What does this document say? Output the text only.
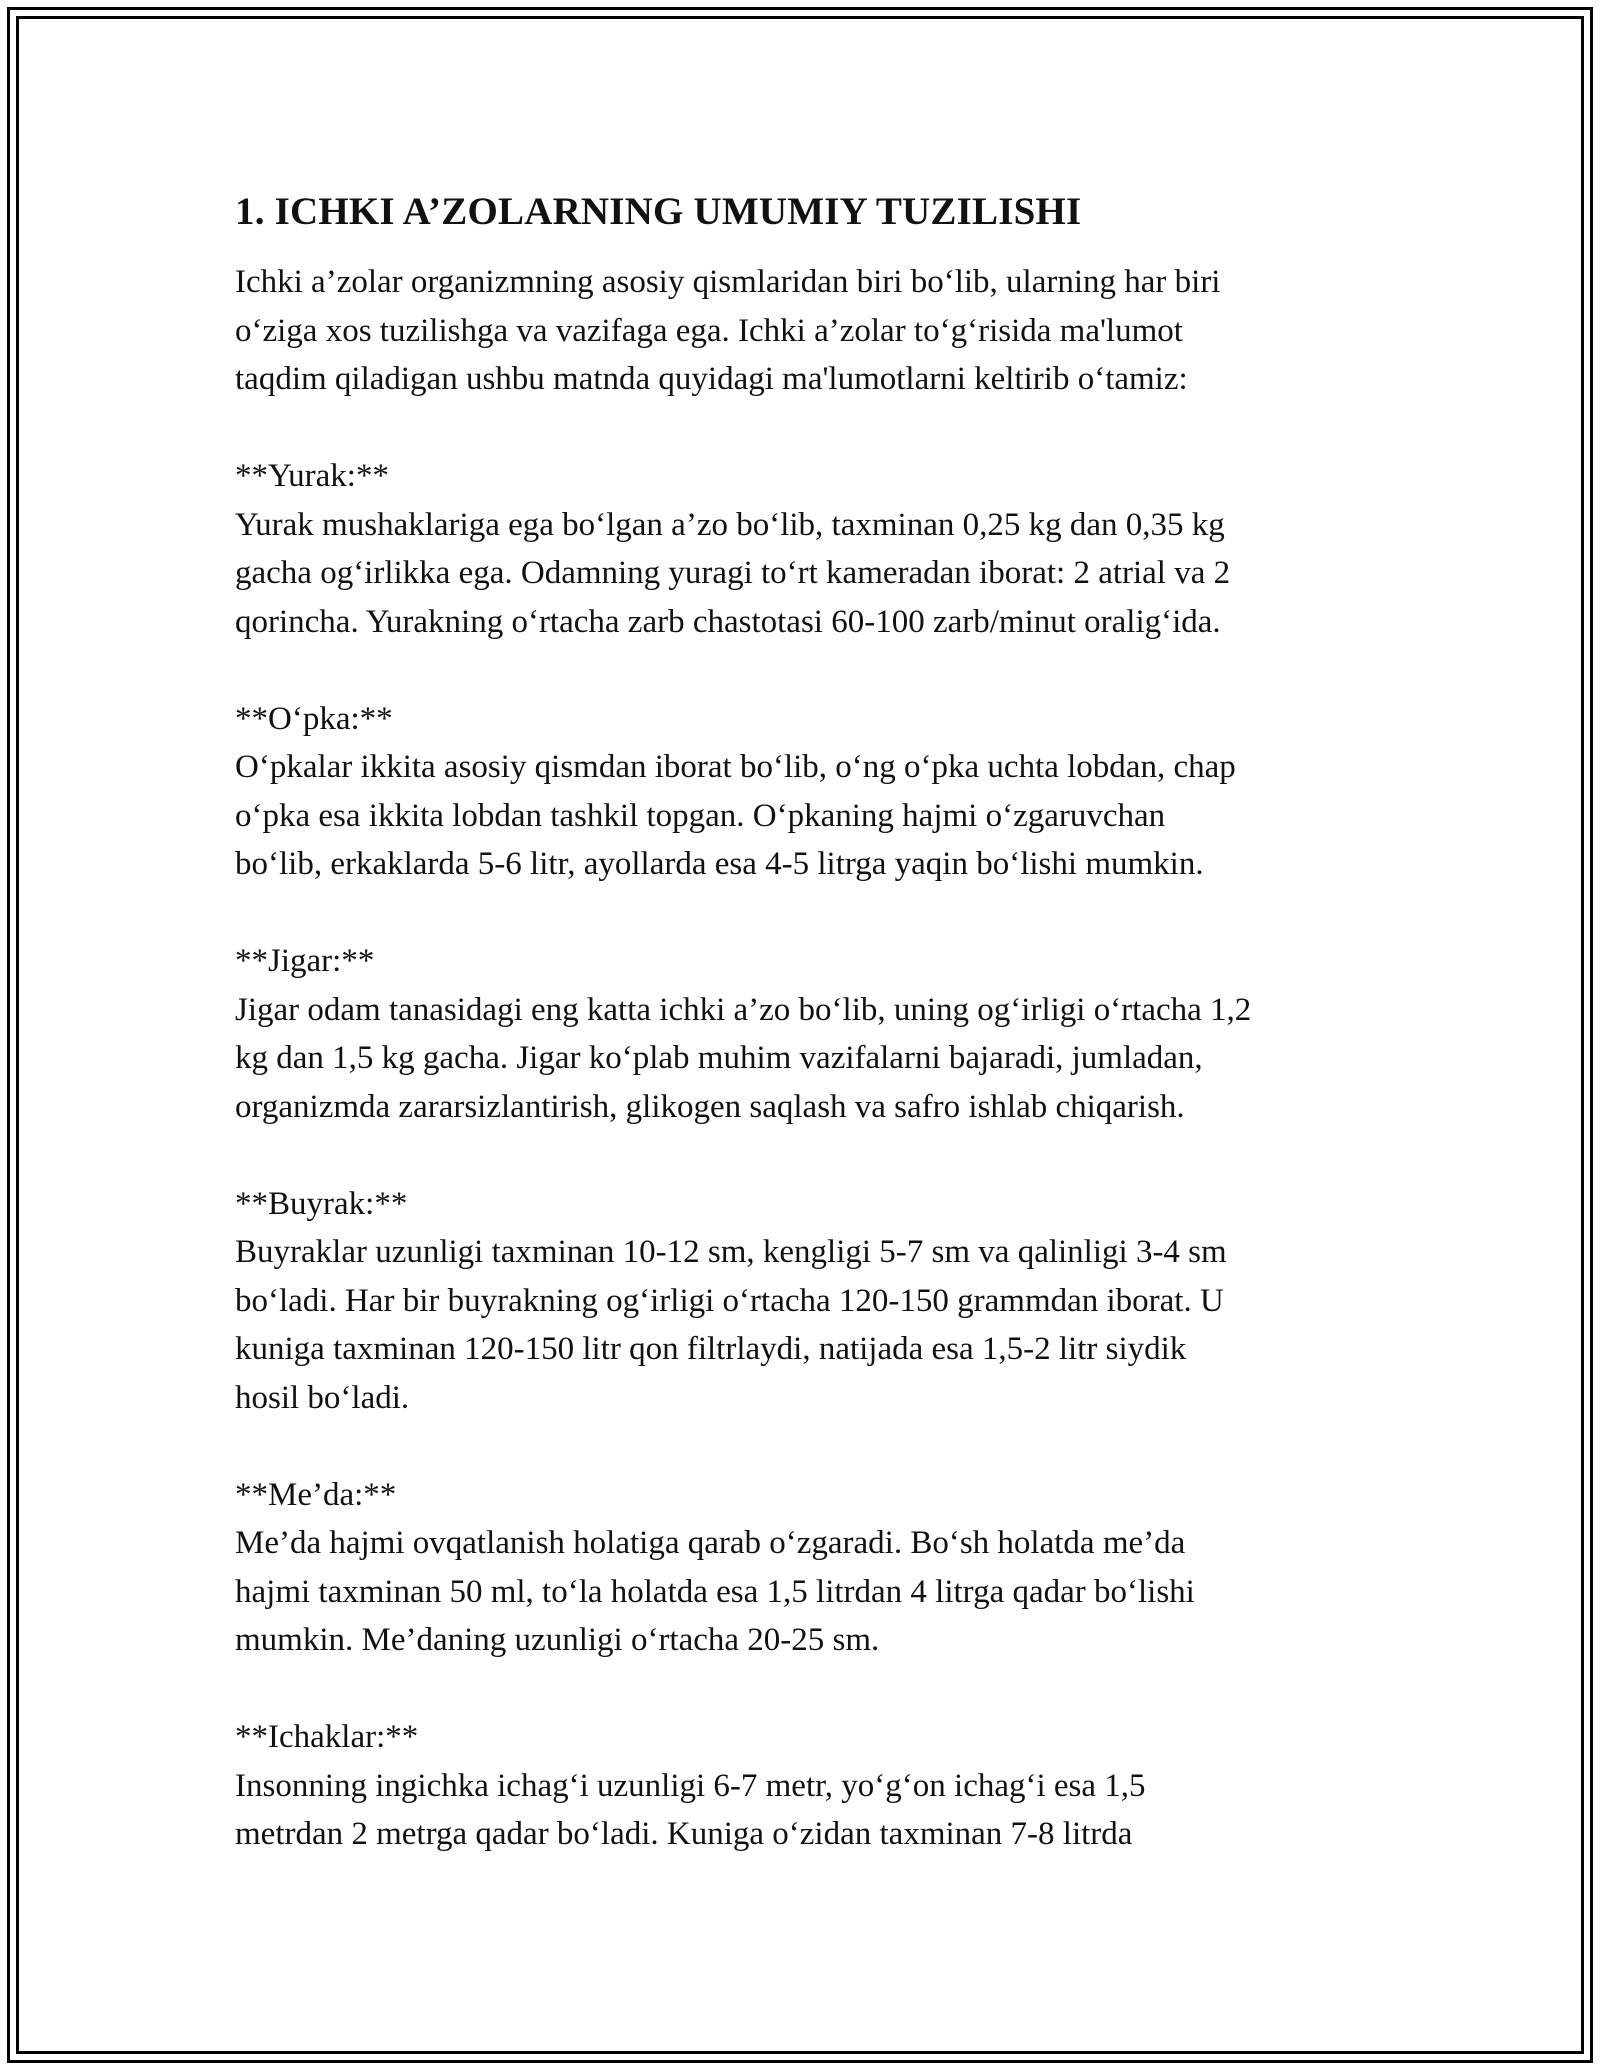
1. ICHKI A’ZOLARNING UMUMIY TUZILISHI

Ichki a’zolar organizmning asosiy qismlaridan biri bo‘lib, ularning har biri
o‘ziga xos tuzilishga va vazifaga ega. Ichki a’zolar to‘g‘risida ma'lumot
taqdim qiladigan ushbu matnda quyidagi ma'lumotlarni keltirib o‘tamiz:

**Yurak:**
Yurak mushaklariga ega bo‘lgan a’zo bo‘lib, taxminan 0,25 kg dan 0,35 kg
gacha og‘irlikka ega. Odamning yuragi to‘rt kameradan iborat: 2 atrial va 2
qorincha. Yurakning o‘rtacha zarb chastotasi 60-100 zarb/minut oralig‘ida.

**O‘pka:**
O‘pkalar ikkita asosiy qismdan iborat bo‘lib, o‘ng o‘pka uchta lobdan, chap
o‘pka esa ikkita lobdan tashkil topgan. O‘pkaning hajmi o‘zgaruvchan
bo‘lib, erkaklarda 5-6 litr, ayollarda esa 4-5 litrga yaqin bo‘lishi mumkin.

**Jigar:**
Jigar odam tanasidagi eng katta ichki a’zo bo‘lib, uning og‘irligi o‘rtacha 1,2
kg dan 1,5 kg gacha. Jigar ko‘plab muhim vazifalarni bajaradi, jumladan,
organizmda zararsizlantirish, glikogen saqlash va safro ishlab chiqarish.

**Buyrak:**
Buyraklar uzunligi taxminan 10-12 sm, kengligi 5-7 sm va qalinligi 3-4 sm
bo‘ladi. Har bir buyrakning og‘irligi o‘rtacha 120-150 grammdan iborat. U
kuniga taxminan 120-150 litr qon filtrlaydi, natijada esa 1,5-2 litr siydik
hosil bo‘ladi.

**Me’da:**
Me’da hajmi ovqatlanish holatiga qarab o‘zgaradi. Bo‘sh holatda me’da
hajmi taxminan 50 ml, to‘la holatda esa 1,5 litrdan 4 litrga qadar bo‘lishi
mumkin. Me’daning uzunligi o‘rtacha 20-25 sm.

**Ichaklar:**
Insonning ingichka ichag‘i uzunligi 6-7 metr, yo‘g‘on ichag‘i esa 1,5
metrdan 2 metrga qadar bo‘ladi. Kuniga o‘zidan taxminan 7-8 litrda
